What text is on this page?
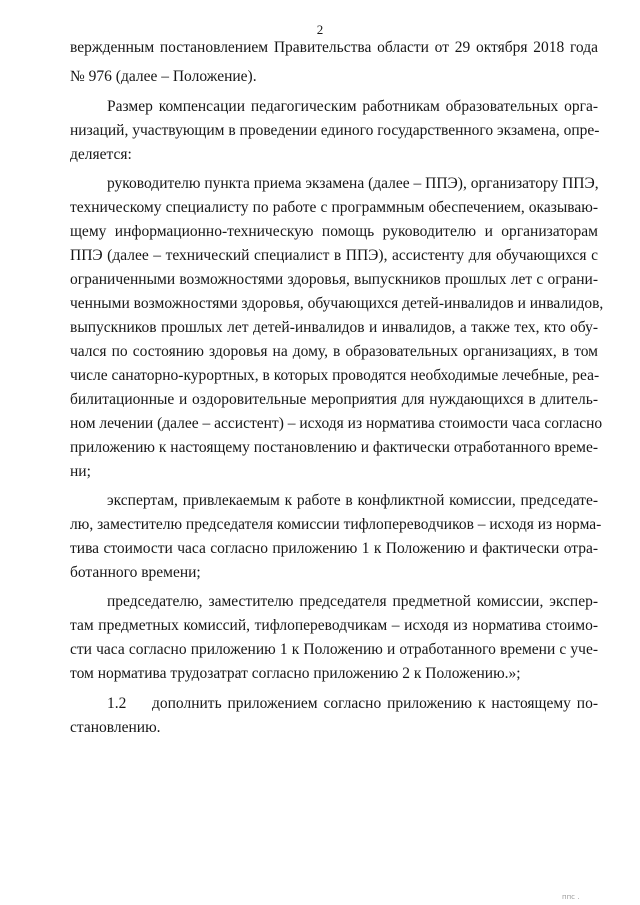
2
вержденным постановлением Правительства области от 29 октября 2018 года
№ 976 (далее – Положение).
Размер компенсации педагогическим работникам образовательных орга-
низаций, участвующим в проведении единого государственного экзамена, опре-
деляется:
руководителю пункта приема экзамена (далее – ППЭ), организатору ППЭ,
техническому специалисту по работе с программным обеспечением, оказываю-
щему информационно-техническую помощь руководителю и организаторам
ППЭ (далее – технический специалист в ППЭ), ассистенту для обучающихся с
ограниченными возможностями здоровья, выпускников прошлых лет с ограни-
ченными возможностями здоровья, обучающихся детей-инвалидов и инвалидов,
выпускников прошлых лет детей-инвалидов и инвалидов, а также тех, кто обу-
чался по состоянию здоровья на дому, в образовательных организациях, в том
числе санаторно-курортных, в которых проводятся необходимые лечебные, реа-
билитационные и оздоровительные мероприятия для нуждающихся в длитель-
ном лечении (далее – ассистент) – исходя из норматива стоимости часа согласно
приложению к настоящему постановлению и фактически отработанного време-
ни;
экспертам, привлекаемым к работе в конфликтной комиссии, председате-
лю, заместителю председателя комиссии тифлопереводчиков – исходя из норма-
тива стоимости часа согласно приложению 1 к Положению и фактически отра-
ботанного времени;
председателю, заместителю председателя предметной комиссии, экспер-
там предметных комиссий, тифлопереводчикам – исходя из норматива стоимо-
сти часа согласно приложению 1 к Положению и отработанного времени с уче-
том норматива трудозатрат согласно приложению 2 к Положению.»;
1.2 дополнить приложением согласно приложению к настоящему по-
становлению.
ппс .
